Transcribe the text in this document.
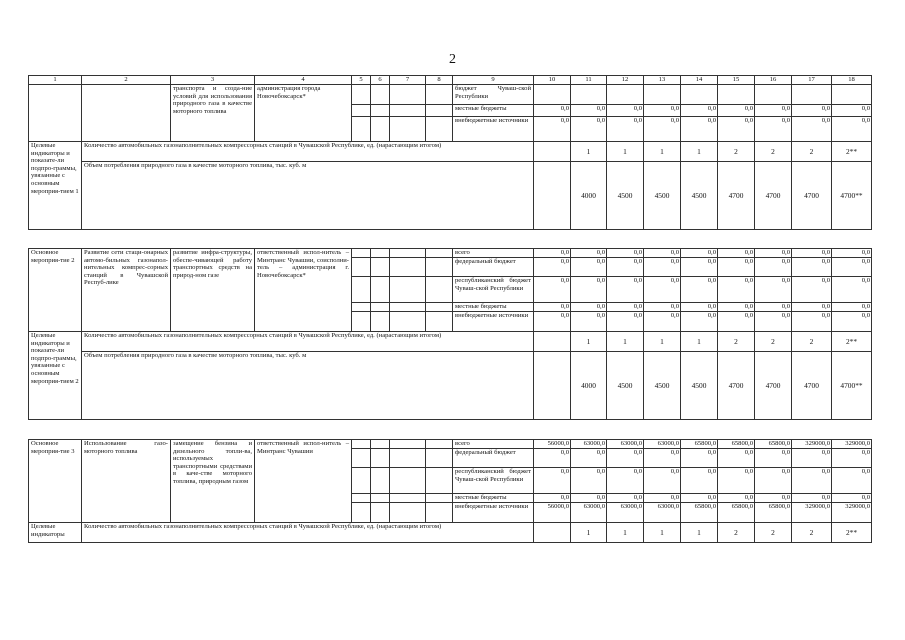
2
1	2	3	4	5	6	7	8	9	10	11	12	13	14	15	16	17	18	
		транспорта и созда-ние условий для использования природного газа в качестве моторного топлива	администрация города Новочебоксарск*					бюджет Чуваш-ской Республики										
								местные бюджеты	0,0	0,0	0,0	0,0	0,0	0,0	0,0	0,0	0,0	
								внебюджетные источники	0,0	0,0	0,0	0,0	0,0	0,0	0,0	0,0	0,0	
Целевые индикаторы и показате-ли подпро-граммы, увязанные с основным мероприя-тием 1	Количество автомобильных газонаполнительных компрессорных станций в Чувашской Республике, ед. (нарастающим итогом)									1	1	1	1	2	2	2	2**	
	Объем потребления природного газа в качестве моторного топлива, тыс. куб. м									4000	4500	4500	4500	4700	4700	4700	4700**	

Основное мероприя-тие 2	Развитие сети стаци-онарных автомо-бильных газонапол-нительных компрес-сорных станций в Чувашской Респуб-лике	развитие инфра-структуры, обеспе-чивающей работу транспортных средств на природ-ном газе	ответственный испол-нитель – Минтранс Чувашии, соисполни-тель – администрация г. Новочебоксарск*					всего	0,0	0,0	0,0	0,0	0,0	0,0	0,0	0,0	0,0	
								федеральный бюджет	0,0	0,0	0,0	0,0	0,0	0,0	0,0	0,0	0,0	
								республиканский бюджет Чуваш-ской Республики	0,0	0,0	0,0	0,0	0,0	0,0	0,0	0,0	0,0	
								местные бюджеты	0,0	0,0	0,0	0,0	0,0	0,0	0,0	0,0	0,0	
								внебюджетные источники	0,0	0,0	0,0	0,0	0,0	0,0	0,0	0,0	0,0	
Целевые индикаторы и показате-ли подпро-граммы, увязанные с основным мероприя-тием 2	Количество автомобильных газонаполнительных компрессорных станций в Чувашской Республике, ед. (нарастающим итогом)									1	1	1	1	2	2	2	2**	
	Объем потребления природного газа в качестве моторного топлива, тыс. куб. м									4000	4500	4500	4500	4700	4700	4700	4700**	

Основное мероприя-тие 3	Использование газо-моторного топлива	замещение бензина и дизельного топли-ва, используемых транспортными средствами в каче-стве моторного топлива, природным газом	ответственный испол-нитель – Минтранс Чувашии					всего	56000,0	63000,0	63000,0	63000,0	65800,0	65800,0	65800,0	329000,0	329000,0	
								федеральный бюджет	0,0	0,0	0,0	0,0	0,0	0,0	0,0	0,0	0,0	
								республиканский бюджет Чуваш-ской Республики	0,0	0,0	0,0	0,0	0,0	0,0	0,0	0,0	0,0	
								местные бюджеты	0,0	0,0	0,0	0,0	0,0	0,0	0,0	0,0	0,0	
								внебюджетные источники	56000,0	63000,0	63000,0	63000,0	65800,0	65800,0	65800,0	329000,0	329000,0	
Целевые индикаторы	Количество автомобильных газонаполнительных компрессорных станций в Чувашской Республике, ед. (нарастающим итогом)									1	1	1	1	2	2	2	2**	
